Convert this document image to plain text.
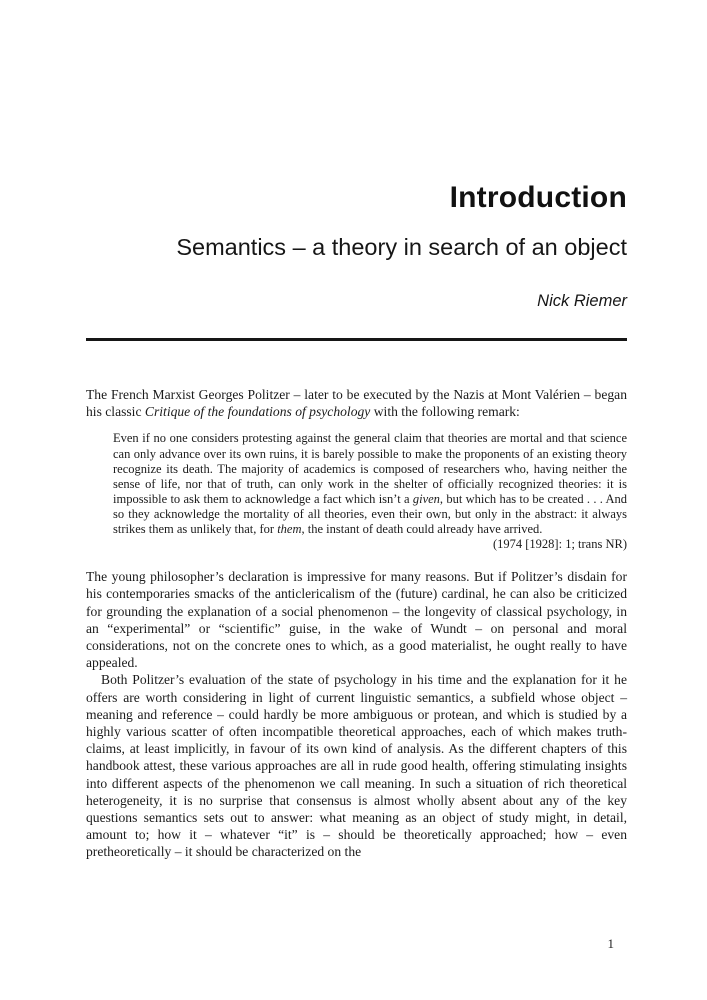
Introduction
Semantics – a theory in search of an object
Nick Riemer

The French Marxist Georges Politzer – later to be executed by the Nazis at Mont Valérien – began his classic Critique of the foundations of psychology with the following remark:

Even if no one considers protesting against the general claim that theories are mortal and that science can only advance over its own ruins, it is barely possible to make the proponents of an existing theory recognize its death. The majority of academics is composed of researchers who, having neither the sense of life, nor that of truth, can only work in the shelter of officially recognized theories: it is impossible to ask them to acknowledge a fact which isn’t a given, but which has to be created . . . And so they acknowledge the mortality of all theories, even their own, but only in the abstract: it always strikes them as unlikely that, for them, the instant of death could already have arrived.
(1974 [1928]: 1; trans NR)

The young philosopher’s declaration is impressive for many reasons. But if Politzer’s disdain for his contemporaries smacks of the anticlericalism of the (future) cardinal, he can also be criticized for grounding the explanation of a social phenomenon – the longevity of classical psychology, in an “experimental” or “scientific” guise, in the wake of Wundt – on personal and moral considerations, not on the concrete ones to which, as a good materialist, he ought really to have appealed.

Both Politzer’s evaluation of the state of psychology in his time and the explanation for it he offers are worth considering in light of current linguistic semantics, a subfield whose object – meaning and reference – could hardly be more ambiguous or protean, and which is studied by a highly various scatter of often incompatible theoretical approaches, each of which makes truth-claims, at least implicitly, in favour of its own kind of analysis. As the different chapters of this handbook attest, these various approaches are all in rude good health, offering stimulating insights into different aspects of the phenomenon we call meaning. In such a situation of rich theoretical heterogeneity, it is no surprise that consensus is almost wholly absent about any of the key questions semantics sets out to answer: what meaning as an object of study might, in detail, amount to; how it – whatever “it” is – should be theoretically approached; how – even pretheoretically – it should be characterized on the

1
